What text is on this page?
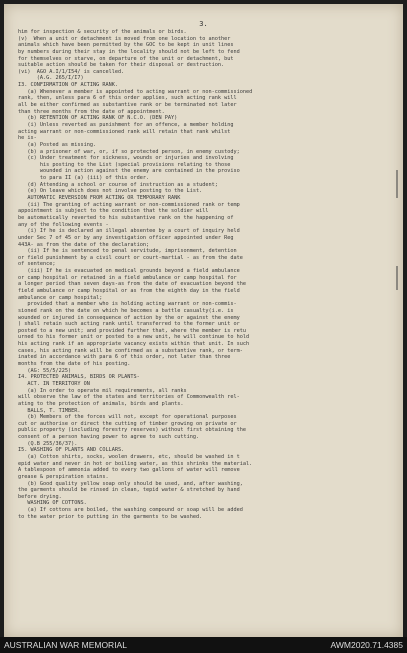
3.
him for inspection & security of the animals or birds.
(v)  When a unit or detachment is moved from one location to another
animals which have been permitted by the GOC to be kept in unit lines
by numbers during their stay in the locality should not be left to fend
for themselves or starve, on departure of the unit or detachment, but
suitable action should be taken for their disposal or destruction.
(vi)  AGO A.I/1/I54/ is cancelled.
(A.G. 265/I/I7)
I3. CONFIRMATION OF ACTING RANK.
(a) Whenever a member is appointed to acting warrant or non-commissioned
rank, then, unless para 6 of this order applies, such acting rank will
all be either confirmed as substantive rank or be terminated not later
than three months from the date of appointment.
(b) RETENTION OF ACTING RANK OF N.C.O. (DEN PAY)
(i) Unless reverted as punishment for an offence, a member holding
acting warrant or non-commissioned rank will retain that rank whilst
he is-
(a) Posted as missing.
(b) a prisoner of war, or, if so protected person, in enemy custody;
(c) Under treatment for sickness, wounds or injuries and involving
his posting to the List (special provisions relating to those
wounded in action against the enemy are contained in the proviso
to para II (a) (iii) of this order.
(d) Attending a school or course of instruction as a student;
(e) On leave which does not involve posting to the List.
AUTOMATIC REVERSION FROM ACTING OR TEMPORARY RANK
(ii) The granting of acting warrant or non-commissioned rank or temp
appointment is subject to the condition that the soldier will
be automatically reverted to his substantive rank on the happening of
any of the following events -
(i) If he is declared an illegal absentee by a court of inquiry held
under Sec 7 of 45 or by any investigation officer appointed under Reg
443A- as from the date of the declaration;
(ii) If he is sentenced to penal servitude, imprisonment, detention
or field punishment by a civil court or court-martial - as from the date
of sentence;
(iii) If he is evacuated on medical grounds beyond a field ambulance
or camp hospital or retained in a field ambulance or camp hospital for
a longer period than seven days-as from the date of evacuation beyond the
field ambulance or camp hospital or as from the eighth day in the field
ambulance or camp hospital;
provided that a member who is holding acting warrant or non-commis-
sioned rank on the date on which he becomes a battle casualty(i.e. is
wounded or injured in consequence of action by the or against the enemy
) shall retain such acting rank until transferred to the former unit or
posted to a new unit; and provided further that, where the member is retu
urned to his former unit or posted to a new unit, he will continue to hold
his acting rank if an appropriate vacancy exists within that unit. In such
cases, his acting rank will be confirmed as a substantive rank, or term-
inated in accordance with para 6 of this order, not later than three
months from the date of his posting.
(AG: 55/5/225)
I4. PROTECTED ANIMALS, BIRDS OR PLANTS-
ACT. IN TERRITORY ON
(a) In order to operate mil requirements, all ranks
will observe the law of the states and territories of Commonwealth rel-
ating to the protection of animals, birds and plants.
BALLS, T. TIMBER.
(b) Members of the forces will not, except for operational purposes
cut or authorise or direct the cutting of timber growing on private or
public property (including forestry reserves) without first obtaining the
consent of a person having power to agree to such cutting.
(Q.B 255/36/37).
I5. WASHING OF PLANTS AND COLLARS.
(a) Cotton shirts, socks, woolen drawers, etc, should be washed in t
epid water and never in hot or boiling water, as this shrinks the material.
A tablespoon of ammonia added to every two gallons of water will remove
grease & perspiration stains.
(b) Good quality yellow soap only should be used, and, after washing,
the garments should be rinsed in clean, tepid water & stretched by hand
before drying.
WASHING OF COTTONS.
(a) If cottons are boiled, the washing compound or soap will be added
to the water prior to putting in the garments to be washed.
AUSTRALIAN WAR MEMORIAL	AWM2020.71.4385
